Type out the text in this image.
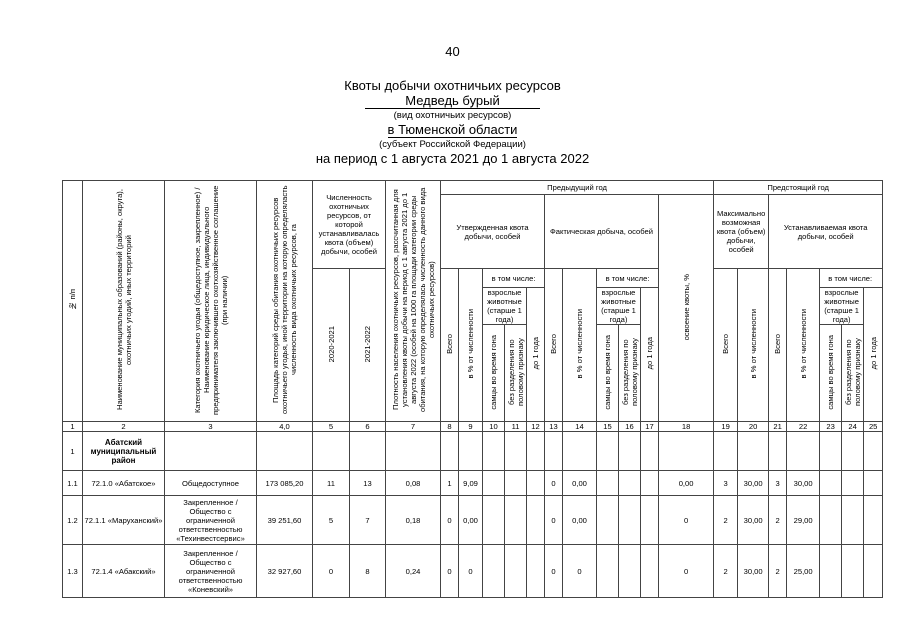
40
Квоты добычи охотничьих ресурсов
Медведь бурый
(вид охотничьих ресурсов)
в Тюменской области
(субъект Российской Федерации)
на период с 1 августа 2021 до 1 августа 2022
№ п/п	Наименование муниципальных образований (районы, округа), охотничьих угодий, иных территорий	Категория охотничьего угодья (общедоступное, закрепленное) / Наименование юридическое лица, индивидуального предпринимателя заключившего охотхозяйственное соглашение (при наличии)	Площадь категорий среды обитания охотничьих ресурсов охотничьего угодья, иной территории на которую определяласть численность вида охотничьих ресурсов, га	Численность охотничьих ресурсов, от которой устанавливалась квота (объем) добычи, особей		Плотность населения охотничьих ресурсов, рассчитанная для установления квоты добычи на период с 1 августа 2021 до 1 августа 2022 (особей на 1000 га площади категории среды обитания, на которую определялась численность данного вида охотничьих ресурсов)	Предыдущий год											Предстоящий год						
							Утвержденная квота добычи, особей					Фактическая добыча, особей					освоение квоты, %	Максимально возможная квота (объем) добычи, особей		Устанавливаемая квота добычи, особей				
				2020-2021	2021-2022		Всего	в % от численности	в том числе:			Всего	в % от численности	в том числе:				Всего	в % от численности	Всего	в % от численности	в том числе:		
									взрослые животные (старше 1 года)		до 1 года			взрослые животные (старше 1 года)		до 1 года						взрослые животные (старше 1 года)		до 1 года
									самцы во время гона	без разделения по половому признаку				самцы во время гона	без разделения по половому признаку							самцы во время гона	без разделения по половому признаку	
1	2	3	4,0	5	6	7	8	9	10	11	12	13	14	15	16	17	18	19	20	21	22	23	24	25
1	Абатский муниципальный район																							
1.1	72.1.0 «Абатское»	Общедоступное	173 085,20	11	13	0,08	1	9,09				0	0,00				0,00	3	30,00	3	30,00			
1.2	72.1.1 «Маруханский»	Закрепленное / Общество с ограниченной ответственностью «Техинвестсервис»	39 251,60	5	7	0,18	0	0,00				0	0,00				0	2	30,00	2	29,00			
1.3	72.1.4 «Абакский»	Закрепленное / Общество с ограниченной ответственностью «Коневский»	32 927,60	0	8	0,24	0	0				0	0				0	2	30,00	2	25,00			
